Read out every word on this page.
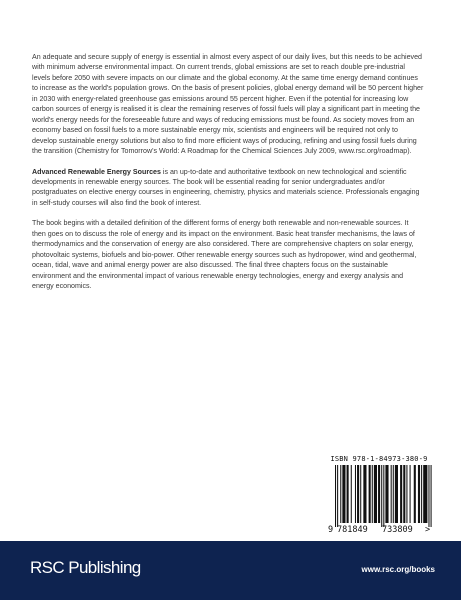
An adequate and secure supply of energy is essential in almost every aspect of our daily lives, but this needs to be achieved with minimum adverse environmental impact. On current trends, global emissions are set to reach double pre-industrial levels before 2050 with severe impacts on our climate and the global economy. At the same time energy demand continues to increase as the world's population grows. On the basis of present policies, global energy demand will be 50 percent higher in 2030 with energy-related greenhouse gas emissions around 55 percent higher. Even if the potential for increasing low carbon sources of energy is realised it is clear the remaining reserves of fossil fuels will play a significant part in meeting the world's energy needs for the foreseeable future and ways of reducing emissions must be found. As society moves from an economy based on fossil fuels to a more sustainable energy mix, scientists and engineers will be required not only to develop sustainable energy solutions but also to find more efficient ways of producing, refining and using fossil fuels during the transition (Chemistry for Tomorrow's World: A Roadmap for the Chemical Sciences July 2009, www.rsc.org/roadmap).

Advanced Renewable Energy Sources is an up-to-date and authoritative textbook on new technological and scientific developments in renewable energy sources. The book will be essential reading for senior undergraduates and/or postgraduates on elective energy courses in engineering, chemistry, physics and materials science. Professionals engaging in self-study courses will also find the book of interest.

The book begins with a detailed definition of the different forms of energy both renewable and non-renewable sources. It then goes on to discuss the role of energy and its impact on the environment. Basic heat transfer mechanisms, the laws of thermodynamics and the conservation of energy are also considered. There are comprehensive chapters on solar energy, photovoltaic systems, biofuels and bio-power. Other renewable energy sources such as hydropower, wind and geothermal, ocean, tidal, wave and animal energy power are also discussed. The final three chapters focus on the sustainable environment and the environmental impact of various renewable energy technologies, energy and exergy analysis and energy economics.

ISBN 978-1-84973-380-9
9 781849 733809 >
RSC Publishing	www.rsc.org/books
